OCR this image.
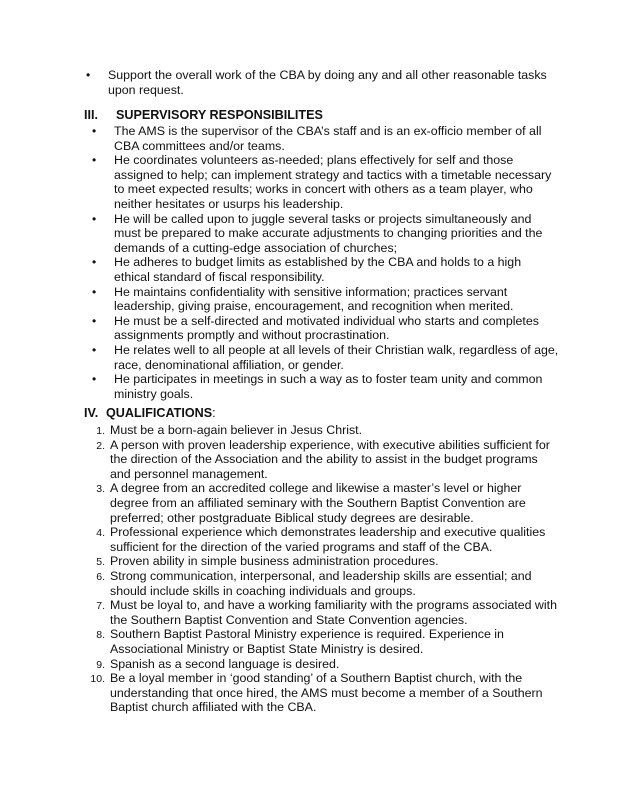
• Support the overall work of the CBA by doing any and all other reasonable tasks upon request.
III. SUPERVISORY RESPONSIBILITES
• The AMS is the supervisor of the CBA’s staff and is an ex-officio member of all CBA committees and/or teams.
• He coordinates volunteers as-needed; plans effectively for self and those assigned to help; can implement strategy and tactics with a timetable necessary to meet expected results; works in concert with others as a team player, who neither hesitates or usurps his leadership.
• He will be called upon to juggle several tasks or projects simultaneously and must be prepared to make accurate adjustments to changing priorities and the demands of a cutting-edge association of churches;
• He adheres to budget limits as established by the CBA and holds to a high ethical standard of fiscal responsibility.
• He maintains confidentiality with sensitive information; practices servant leadership, giving praise, encouragement, and recognition when merited.
• He must be a self-directed and motivated individual who starts and completes assignments promptly and without procrastination.
• He relates well to all people at all levels of their Christian walk, regardless of age, race, denominational affiliation, or gender.
• He participates in meetings in such a way as to foster team unity and common ministry goals.
IV. QUALIFICATIONS:
1. Must be a born-again believer in Jesus Christ.
2. A person with proven leadership experience, with executive abilities sufficient for the direction of the Association and the ability to assist in the budget programs and personnel management.
3. A degree from an accredited college and likewise a master’s level or higher degree from an affiliated seminary with the Southern Baptist Convention are preferred; other postgraduate Biblical study degrees are desirable.
4. Professional experience which demonstrates leadership and executive qualities sufficient for the direction of the varied programs and staff of the CBA.
5. Proven ability in simple business administration procedures.
6. Strong communication, interpersonal, and leadership skills are essential; and should include skills in coaching individuals and groups.
7. Must be loyal to, and have a working familiarity with the programs associated with the Southern Baptist Convention and State Convention agencies.
8. Southern Baptist Pastoral Ministry experience is required. Experience in Associational Ministry or Baptist State Ministry is desired.
9. Spanish as a second language is desired.
10. Be a loyal member in ‘good standing’ of a Southern Baptist church, with the understanding that once hired, the AMS must become a member of a Southern Baptist church affiliated with the CBA.
